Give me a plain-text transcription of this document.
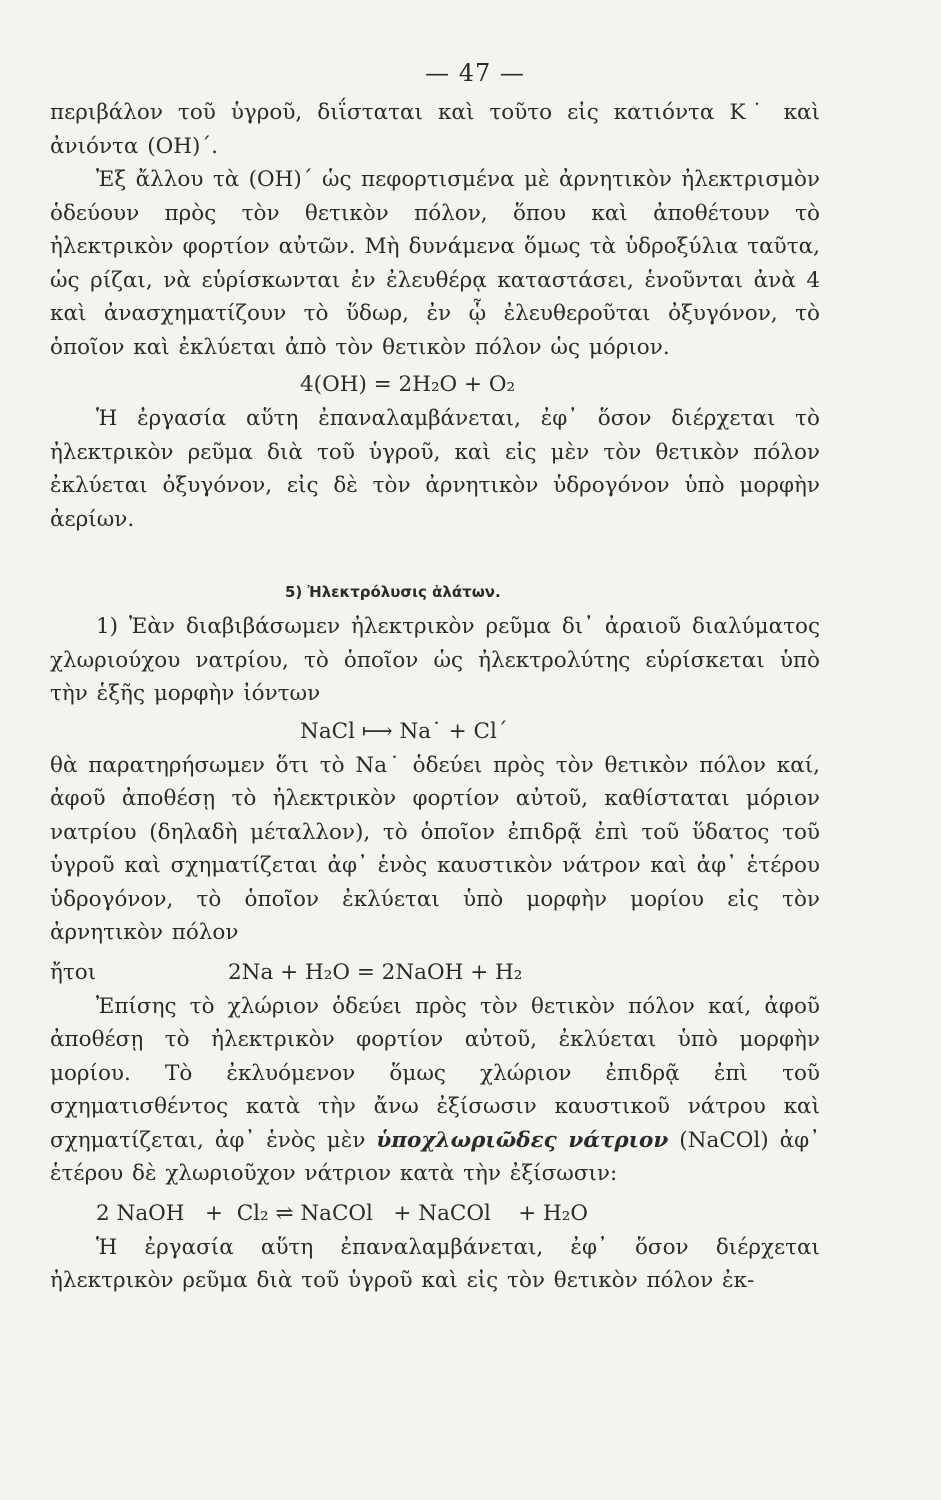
— 47 —

περιβάλον τοῦ ὑγροῦ, διΐσταται καὶ τοῦτο εἰς κατιόντα Κ˙ καὶ ἀνιόντα (ΟΗ)΄.

Ἐξ ἄλλου τὰ (ΟΗ)΄ ὡς πεφορτισμένα μὲ ἀρνητικὸν ἠλεκτρισμὸν ὁδεύουν πρὸς τὸν θετικὸν πόλον, ὅπου καὶ ἀποθέτουν τὸ ἠλεκτρικὸν φορτίον αὐτῶν. Μὴ δυνάμενα ὅμως τὰ ὑδροξύλια ταῦτα, ὡς ρίζαι, νὰ εὑρίσκωνται ἐν ἐλευθέρᾳ καταστάσει, ἑνοῦνται ἀνὰ 4 καὶ ἀνασχηματίζουν τὸ ὕδωρ, ἐν ᾧ ἐλευθεροῦται ὀξυγόνον, τὸ ὁποῖον καὶ ἐκλύεται ἀπὸ τὸν θετικὸν πόλον ὡς μόριον.

4(ΟΗ) = 2Η₂Ο + Ο₂

Ἡ ἐργασία αὕτη ἐπαναλαμβάνεται, ἐφ᾽ ὅσον διέρχεται τὸ ἠλεκτρικὸν ρεῦμα διὰ τοῦ ὑγροῦ, καὶ εἰς μὲν τὸν θετικὸν πόλον ἐκλύεται ὀξυγόνον, εἰς δὲ τὸν ἀρνητικὸν ὑδρογόνον ὑπὸ μορφὴν ἀερίων.

5) Ἠλεκτρόλυσις ἁλάτων.

1) Ἐὰν διαβιβάσωμεν ἠλεκτρικὸν ρεῦμα δι᾽ ἀραιοῦ διαλύματος χλωριούχου νατρίου, τὸ ὁποῖον ὡς ἠλεκτρολύτης εὑρίσκεται ὑπὸ τὴν ἑξῆς μορφὴν ἰόντων

NaCl ⟼ Na˙ + Cl΄

θὰ παρατηρήσωμεν ὅτι τὸ Na˙ ὁδεύει πρὸς τὸν θετικὸν πόλον καί, ἀφοῦ ἀποθέσῃ τὸ ἠλεκτρικὸν φορτίον αὐτοῦ, καθίσταται μόριον νατρίου (δηλαδὴ μέταλλον), τὸ ὁποῖον ἐπιδρᾷ ἐπὶ τοῦ ὕδατος τοῦ ὑγροῦ καὶ σχηματίζεται ἀφ᾽ ἑνὸς καυστικὸν νάτρον καὶ ἀφ᾽ ἑτέρου ὑδρογόνον, τὸ ὁποῖον ἐκλύεται ὑπὸ μορφὴν μορίου εἰς τὸν ἀρνητικὸν πόλον

ἤτοι	2Na + H₂O = 2NaOH + H₂

Ἐπίσης τὸ χλώριον ὁδεύει πρὸς τὸν θετικὸν πόλον καί, ἀφοῦ ἀποθέσῃ τὸ ἠλεκτρικὸν φορτίον αὐτοῦ, ἐκλύεται ὑπὸ μορφὴν μορίου. Τὸ ἐκλυόμενον ὅμως χλώριον ἐπιδρᾷ ἐπὶ τοῦ σχηματισθέντος κατὰ τὴν ἄνω ἐξίσωσιν καυστικοῦ νάτρου καὶ σχηματίζεται, ἀφ᾽ ἑνὸς μὲν ὑποχλωριῶδες νάτριον (NaCOl) ἀφ᾽ ἑτέρου δὲ χλωριοῦχον νάτριον κατὰ τὴν ἐξίσωσιν:

2 NaOH   +  Cl₂ ⇌ NaCOl   + NaCOl    + H₂O

Ἡ ἐργασία αὕτη ἐπαναλαμβάνεται, ἐφ᾽ ὅσον διέρχεται ἠλεκτρικὸν ρεῦμα διὰ τοῦ ὑγροῦ καὶ εἰς τὸν θετικὸν πόλον ἐκ-
